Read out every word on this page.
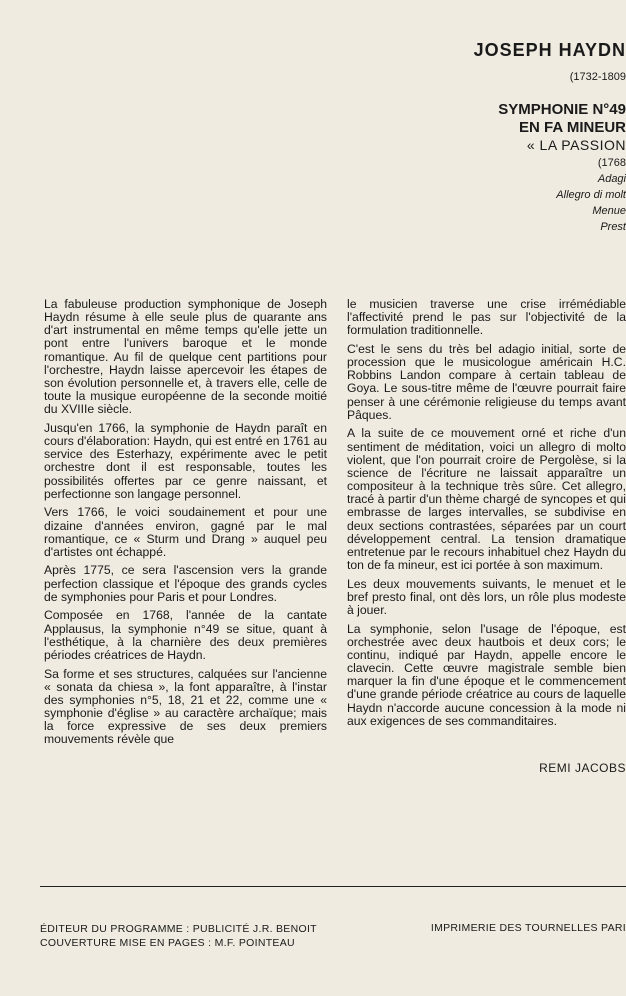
JOSEPH HAYDN
(1732-1809
SYMPHONIE N°49
EN FA MINEUR
« LA PASSION
(1768
Adagi
Allegro di molt
Menue
Prest

La fabuleuse production symphonique de Joseph Haydn résume à elle seule plus de quarante ans d'art instrumental en même temps qu'elle jette un pont entre l'univers baroque et le monde romantique. Au fil de quelque cent partitions pour l'orchestre, Haydn laisse apercevoir les étapes de son évolution personnelle et, à travers elle, celle de toute la musique européenne de la seconde moitié du XVIIIe siècle.

Jusqu'en 1766, la symphonie de Haydn paraît en cours d'élaboration: Haydn, qui est entré en 1761 au service des Esterhazy, expérimente avec le petit orchestre dont il est responsable, toutes les possibilités offertes par ce genre naissant, et perfectionne son langage personnel.

Vers 1766, le voici soudainement et pour une dizaine d'années environ, gagné par le mal romantique, ce « Sturm und Drang » auquel peu d'artistes ont échappé.

Après 1775, ce sera l'ascension vers la grande perfection classique et l'époque des grands cycles de symphonies pour Paris et pour Londres.

Composée en 1768, l'année de la cantate Applausus, la symphonie n°49 se situe, quant à l'esthétique, à la charnière des deux premières périodes créatrices de Haydn.

Sa forme et ses structures, calquées sur l'ancienne « sonata da chiesa », la font apparaître, à l'instar des symphonies n°5, 18, 21 et 22, comme une « symphonie d'église » au caractère archaïque; mais la force expressive de ses deux premiers mouvements révèle que

le musicien traverse une crise irrémédiable l'affectivité prend le pas sur l'objectivité de la formulation traditionnelle.

C'est le sens du très bel adagio initial, sorte de procession que le musicologue américain H.C. Robbins Landon compare à certain tableau de Goya. Le sous-titre même de l'œuvre pourrait faire penser à une cérémonie religieuse du temps avant Pâques.

A la suite de ce mouvement orné et riche d'un sentiment de méditation, voici un allegro di molto violent, que l'on pourrait croire de Pergolèse, si la science de l'écriture ne laissait apparaître un compositeur à la technique très sûre. Cet allegro, tracé à partir d'un thème chargé de syncopes et qui embrasse de larges intervalles, se subdivise en deux sections contrastées, séparées par un court développement central. La tension dramatique entretenue par le recours inhabituel chez Haydn du ton de fa mineur, est ici portée à son maximum.

Les deux mouvements suivants, le menuet et le bref presto final, ont dès lors, un rôle plus modeste à jouer.

La symphonie, selon l'usage de l'époque, est orchestrée avec deux hautbois et deux cors; le continu, indiqué par Haydn, appelle encore le clavecin. Cette œuvre magistrale semble bien marquer la fin d'une époque et le commencement d'une grande période créatrice au cours de laquelle Haydn n'accorde aucune concession à la mode ni aux exigences de ses commanditaires.

REMI JACOBS
ÉDITEUR DU PROGRAMME : PUBLICITÉ J.R. BENOIT
COUVERTURE MISE EN PAGES : M.F. POINTEAU
IMPRIMERIE DES TOURNELLES PARI
